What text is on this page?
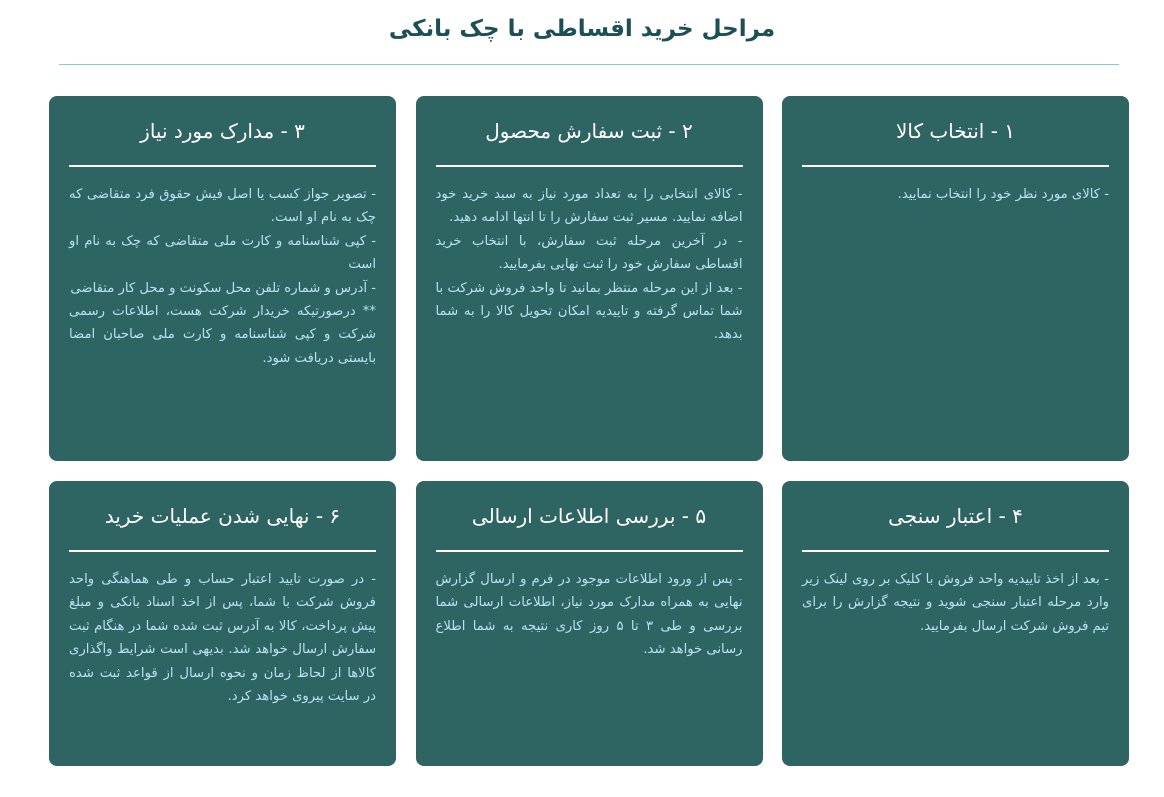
مراحل خرید اقساطی با چک بانکی
۱ - انتخاب کالا
- کالای مورد نظر خود را انتخاب نمایید.
۲ - ثبت سفارش محصول
- کالای انتخابی را به تعداد مورد نیاز به سبد خرید خود اضافه نمایید. مسیر ثبت سفارش را تا انتها ادامه دهید.
- در آخرین مرحله ثبت سفارش، با انتخاب خرید اقساطی سفارش خود را ثبت نهایی بفرمایید.
- بعد از این مرحله منتظر بمانید تا واحد فروش شرکت با شما تماس گرفته و تاییدیه امکان تحویل کالا را به شما بدهد.
۳ - مدارک مورد نیاز
- تصویر جواز کسب یا اصل فیش حقوق فرد متقاضی که چک به نام او است.
- کپی شناسنامه و کارت ملی متقاضی که چک به نام او است
- آدرس و شماره تلفن محل سکونت و محل کار متقاضی
** درصورتیکه خریدار شرکت هست، اطلاعات رسمی شرکت و کپی شناسنامه و کارت ملی صاحبان امضا بایستی دریافت شود.
۴ - اعتبار سنجی
- بعد از اخذ تاییدیه واحد فروش با کلیک بر روی لینک زیر وارد مرحله اعتبار سنجی شوید و نتیجه گزارش را برای تیم فروش شرکت ارسال بفرمایید.
۵ - بررسی اطلاعات ارسالی
- پس از ورود اطلاعات موجود در فرم و ارسال گزارش نهایی به همراه مدارک مورد نیاز، اطلاعات ارسالی شما بررسی و طی ۳ تا ۵ روز کاری نتیجه به شما اطلاع رسانی خواهد شد.
۶ - نهایی شدن عملیات خرید
- در صورت تایید اعتبار حساب و طی هماهنگی واحد فروش شرکت با شما، پس از اخذ اسناد بانکی و مبلغ پیش پرداخت، کالا به آدرس ثبت شده شما در هنگام ثبت سفارش ارسال خواهد شد. بدیهی است شرایط واگذاری کالاها از لحاظ زمان و نحوه ارسال از قواعد ثبت شده در سایت پیروی خواهد کرد.
